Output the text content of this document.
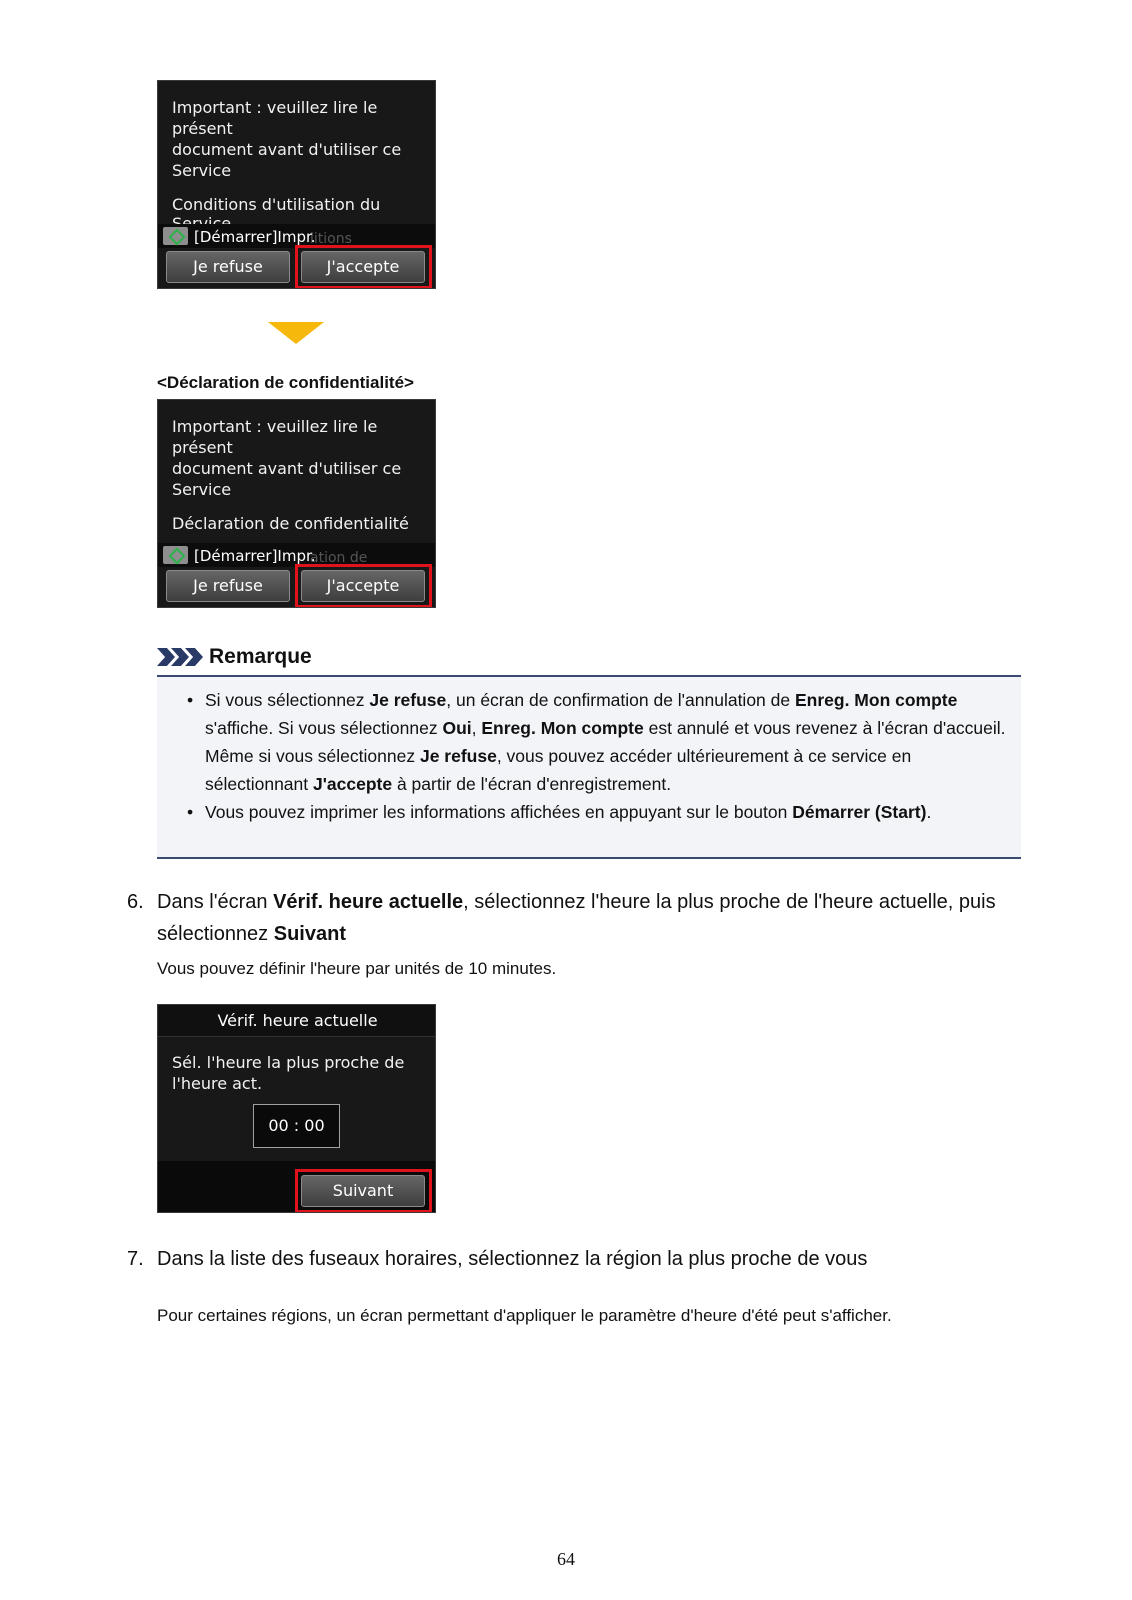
Important : veuillez lire le présent
document avant d'utiliser ce
Service
Conditions d'utilisation du
litions
[Démarrer]Impr.
Je refuse	J'accepte
<Déclaration de confidentialité>
Important : veuillez lire le présent
document avant d'utiliser ce
Service
Déclaration de confidentialité
ation de
[Démarrer]Impr.
Je refuse	J'accepte
Remarque
• Si vous sélectionnez Je refuse, un écran de confirmation de l'annulation de Enreg. Mon compte s'affiche. Si vous sélectionnez Oui, Enreg. Mon compte est annulé et vous revenez à l'écran d'accueil.
Même si vous sélectionnez Je refuse, vous pouvez accéder ultérieurement à ce service en sélectionnant J'accepte à partir de l'écran d'enregistrement.
• Vous pouvez imprimer les informations affichées en appuyant sur le bouton Démarrer (Start).
6. Dans l'écran Vérif. heure actuelle, sélectionnez l'heure la plus proche de l'heure actuelle, puis sélectionnez Suivant
Vous pouvez définir l'heure par unités de 10 minutes.
Vérif. heure actuelle
Sél. l'heure la plus proche de
l'heure act.
00 : 00
Suivant
7. Dans la liste des fuseaux horaires, sélectionnez la région la plus proche de vous
Pour certaines régions, un écran permettant d'appliquer le paramètre d'heure d'été peut s'afficher.
64
